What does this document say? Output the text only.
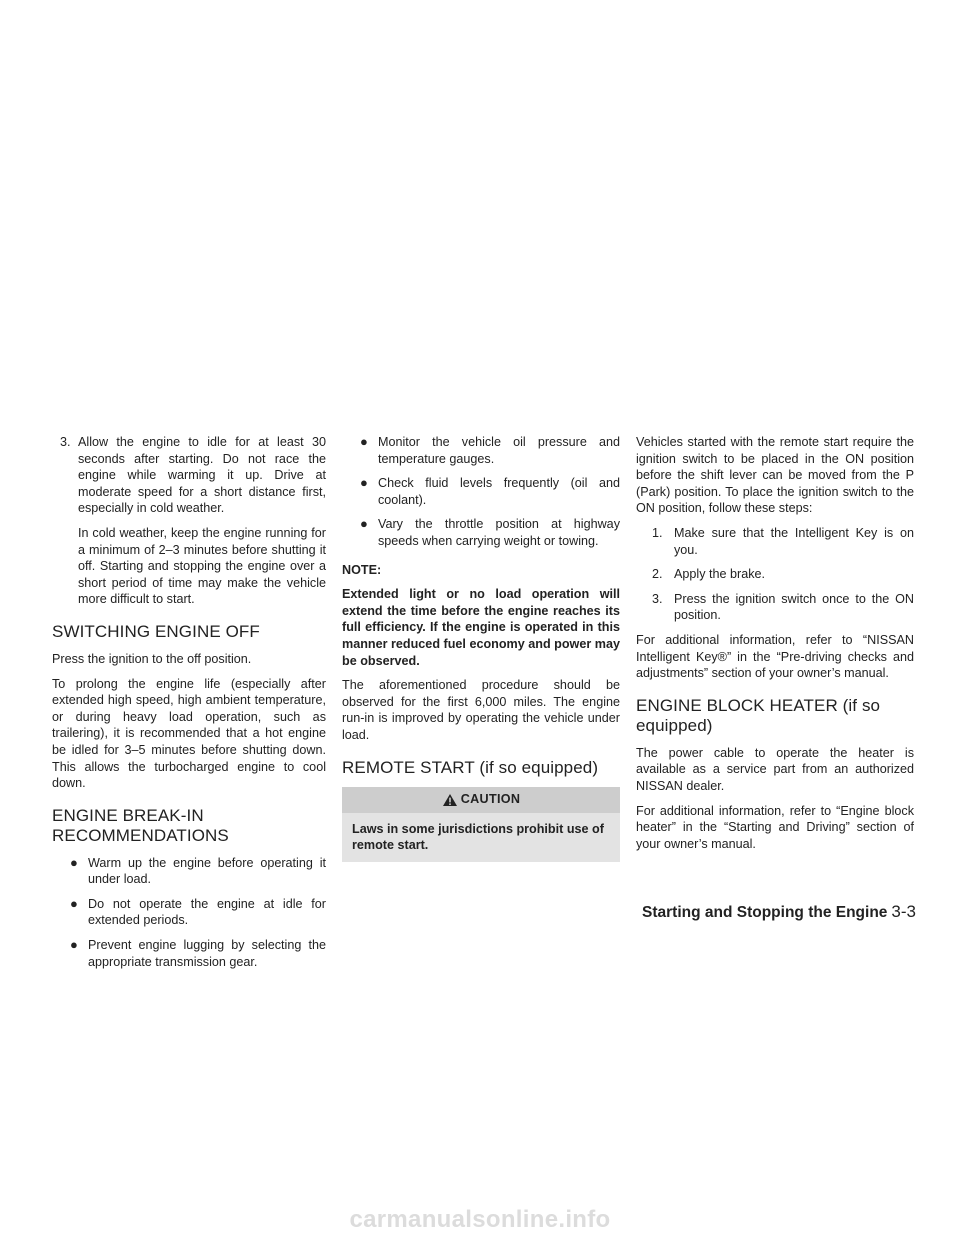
3. Allow the engine to idle for at least 30 seconds after starting. Do not race the engine while warming it up. Drive at moderate speed for a short distance first, especially in cold weather.

In cold weather, keep the engine running for a minimum of 2–3 minutes before shutting it off. Starting and stopping the engine over a short period of time may make the vehicle more difficult to start.

SWITCHING ENGINE OFF

Press the ignition to the off position.

To prolong the engine life (especially after extended high speed, high ambient temperature, or during heavy load operation, such as trailering), it is recommended that a hot engine be idled for 3–5 minutes before shutting down. This allows the turbocharged engine to cool down.

ENGINE BREAK-IN
RECOMMENDATIONS
● Warm up the engine before operating it under load.
● Do not operate the engine at idle for extended periods.
● Prevent engine lugging by selecting the appropriate transmission gear.
● Monitor the vehicle oil pressure and temperature gauges.
● Check fluid levels frequently (oil and coolant).
● Vary the throttle position at highway speeds when carrying weight or towing.
NOTE:

Extended light or no load operation will extend the time before the engine reaches its full efficiency. If the engine is operated in this manner reduced fuel economy and power may be observed.

The aforementioned procedure should be observed for the first 6,000 miles. The engine run-in is improved by operating the vehicle under load.

REMOTE START (if so equipped)
CAUTION
Laws in some jurisdictions prohibit use of remote start.

Vehicles started with the remote start require the ignition switch to be placed in the ON position before the shift lever can be moved from the P (Park) position. To place the ignition switch to the ON position, follow these steps:

1. Make sure that the Intelligent Key is on you.
2. Apply the brake.
3. Press the ignition switch once to the ON position.

For additional information, refer to “NISSAN Intelligent Key®” in the “Pre-driving checks and adjustments” section of your owner’s manual.

ENGINE BLOCK HEATER (if so
equipped)

The power cable to operate the heater is available as a service part from an authorized NISSAN dealer.

For additional information, refer to “Engine block heater” in the “Starting and Driving” section of your owner’s manual.

Starting and Stopping the Engine 3-3
carmanualsonline.info
